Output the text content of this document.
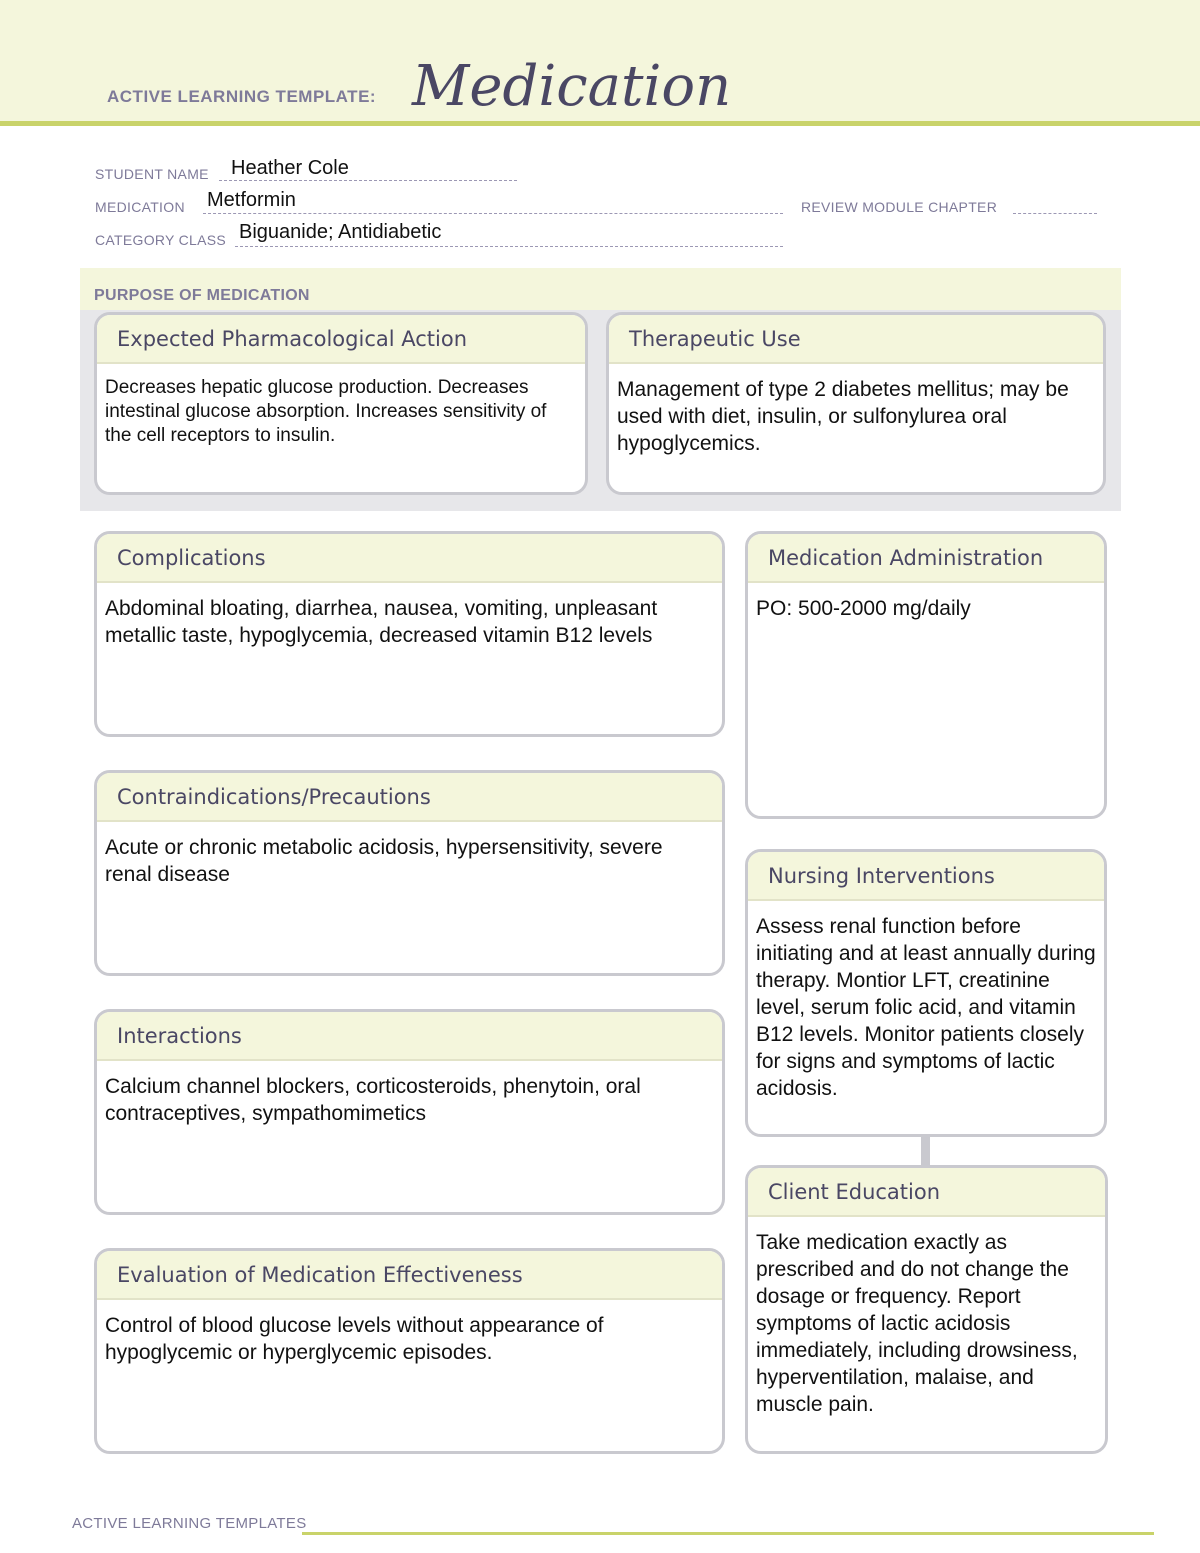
ACTIVE LEARNING TEMPLATE: Medication
STUDENT NAME Heather Cole
MEDICATION Metformin	REVIEW MODULE CHAPTER
CATEGORY CLASS Biguanide; Antidiabetic
PURPOSE OF MEDICATION
Expected Pharmacological Action
Decreases hepatic glucose production. Decreases intestinal glucose absorption. Increases sensitivity of the cell receptors to insulin.
Therapeutic Use
Management of type 2 diabetes mellitus; may be used with diet, insulin, or sulfonylurea oral hypoglycemics.
Complications
Abdominal bloating, diarrhea, nausea, vomiting, unpleasant metallic taste, hypoglycemia, decreased vitamin B12 levels
Contraindications/Precautions
Acute or chronic metabolic acidosis, hypersensitivity, severe renal disease
Interactions
Calcium channel blockers, corticosteroids, phenytoin, oral contraceptives, sympathomimetics
Evaluation of Medication Effectiveness
Control of blood glucose levels without appearance of hypoglycemic or hyperglycemic episodes.
Medication Administration
PO: 500-2000 mg/daily
Nursing Interventions
Assess renal function before initiating and at least annually during therapy. Montior LFT, creatinine level, serum folic acid, and vitamin B12 levels. Monitor patients closely for signs and symptoms of lactic acidosis.
Client Education
Take medication exactly as prescribed and do not change the dosage or frequency. Report symptoms of lactic acidosis immediately, including drowsiness, hyperventilation, malaise, and muscle pain.
ACTIVE LEARNING TEMPLATES
